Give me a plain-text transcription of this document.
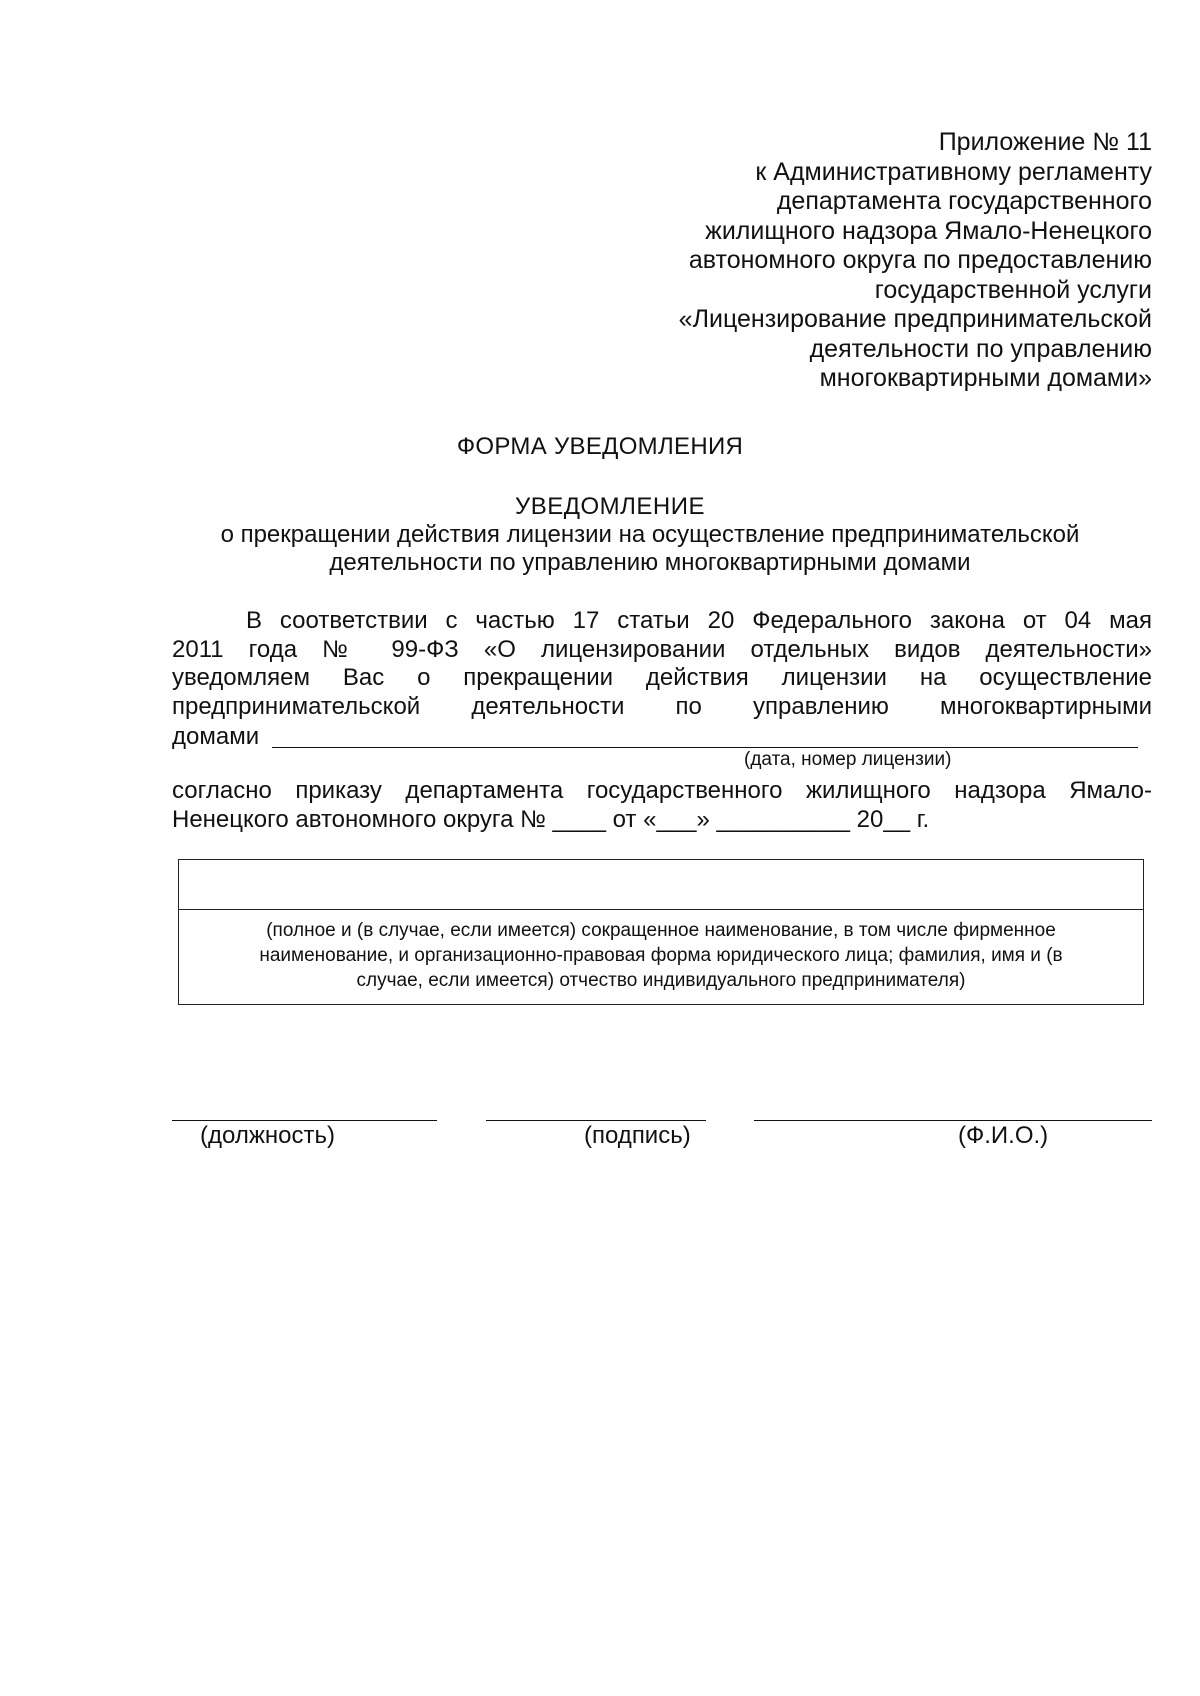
Приложение № 11
к Административному регламенту
департамента государственного
жилищного надзора Ямало-Ненецкого
автономного округа по предоставлению
государственной услуги
«Лицензирование предпринимательской
деятельности по управлению
многоквартирными домами»
ФОРМА УВЕДОМЛЕНИЯ
УВЕДОМЛЕНИЕ
о прекращении действия лицензии на осуществление предпринимательской
деятельности по управлению многоквартирными домами
В соответствии с частью 17 статьи 20 Федерального закона от 04 мая
2011 года № 99-ФЗ «О лицензировании отдельных видов деятельности»
уведомляем Вас о прекращении действия лицензии на осуществление
предпринимательской деятельности по управлению многоквартирными
домами
(дата, номер лицензии)
согласно приказу департамента государственного жилищного надзора Ямало-
Ненецкого автономного округа № ____ от «___» __________ 20__ г.
(полное и (в случае, если имеется) сокращенное наименование, в том числе фирменное
наименование, и организационно-правовая форма юридического лица; фамилия, имя и (в
случае, если имеется) отчество индивидуального предпринимателя)
(должность)	(подпись)	(Ф.И.О.)
